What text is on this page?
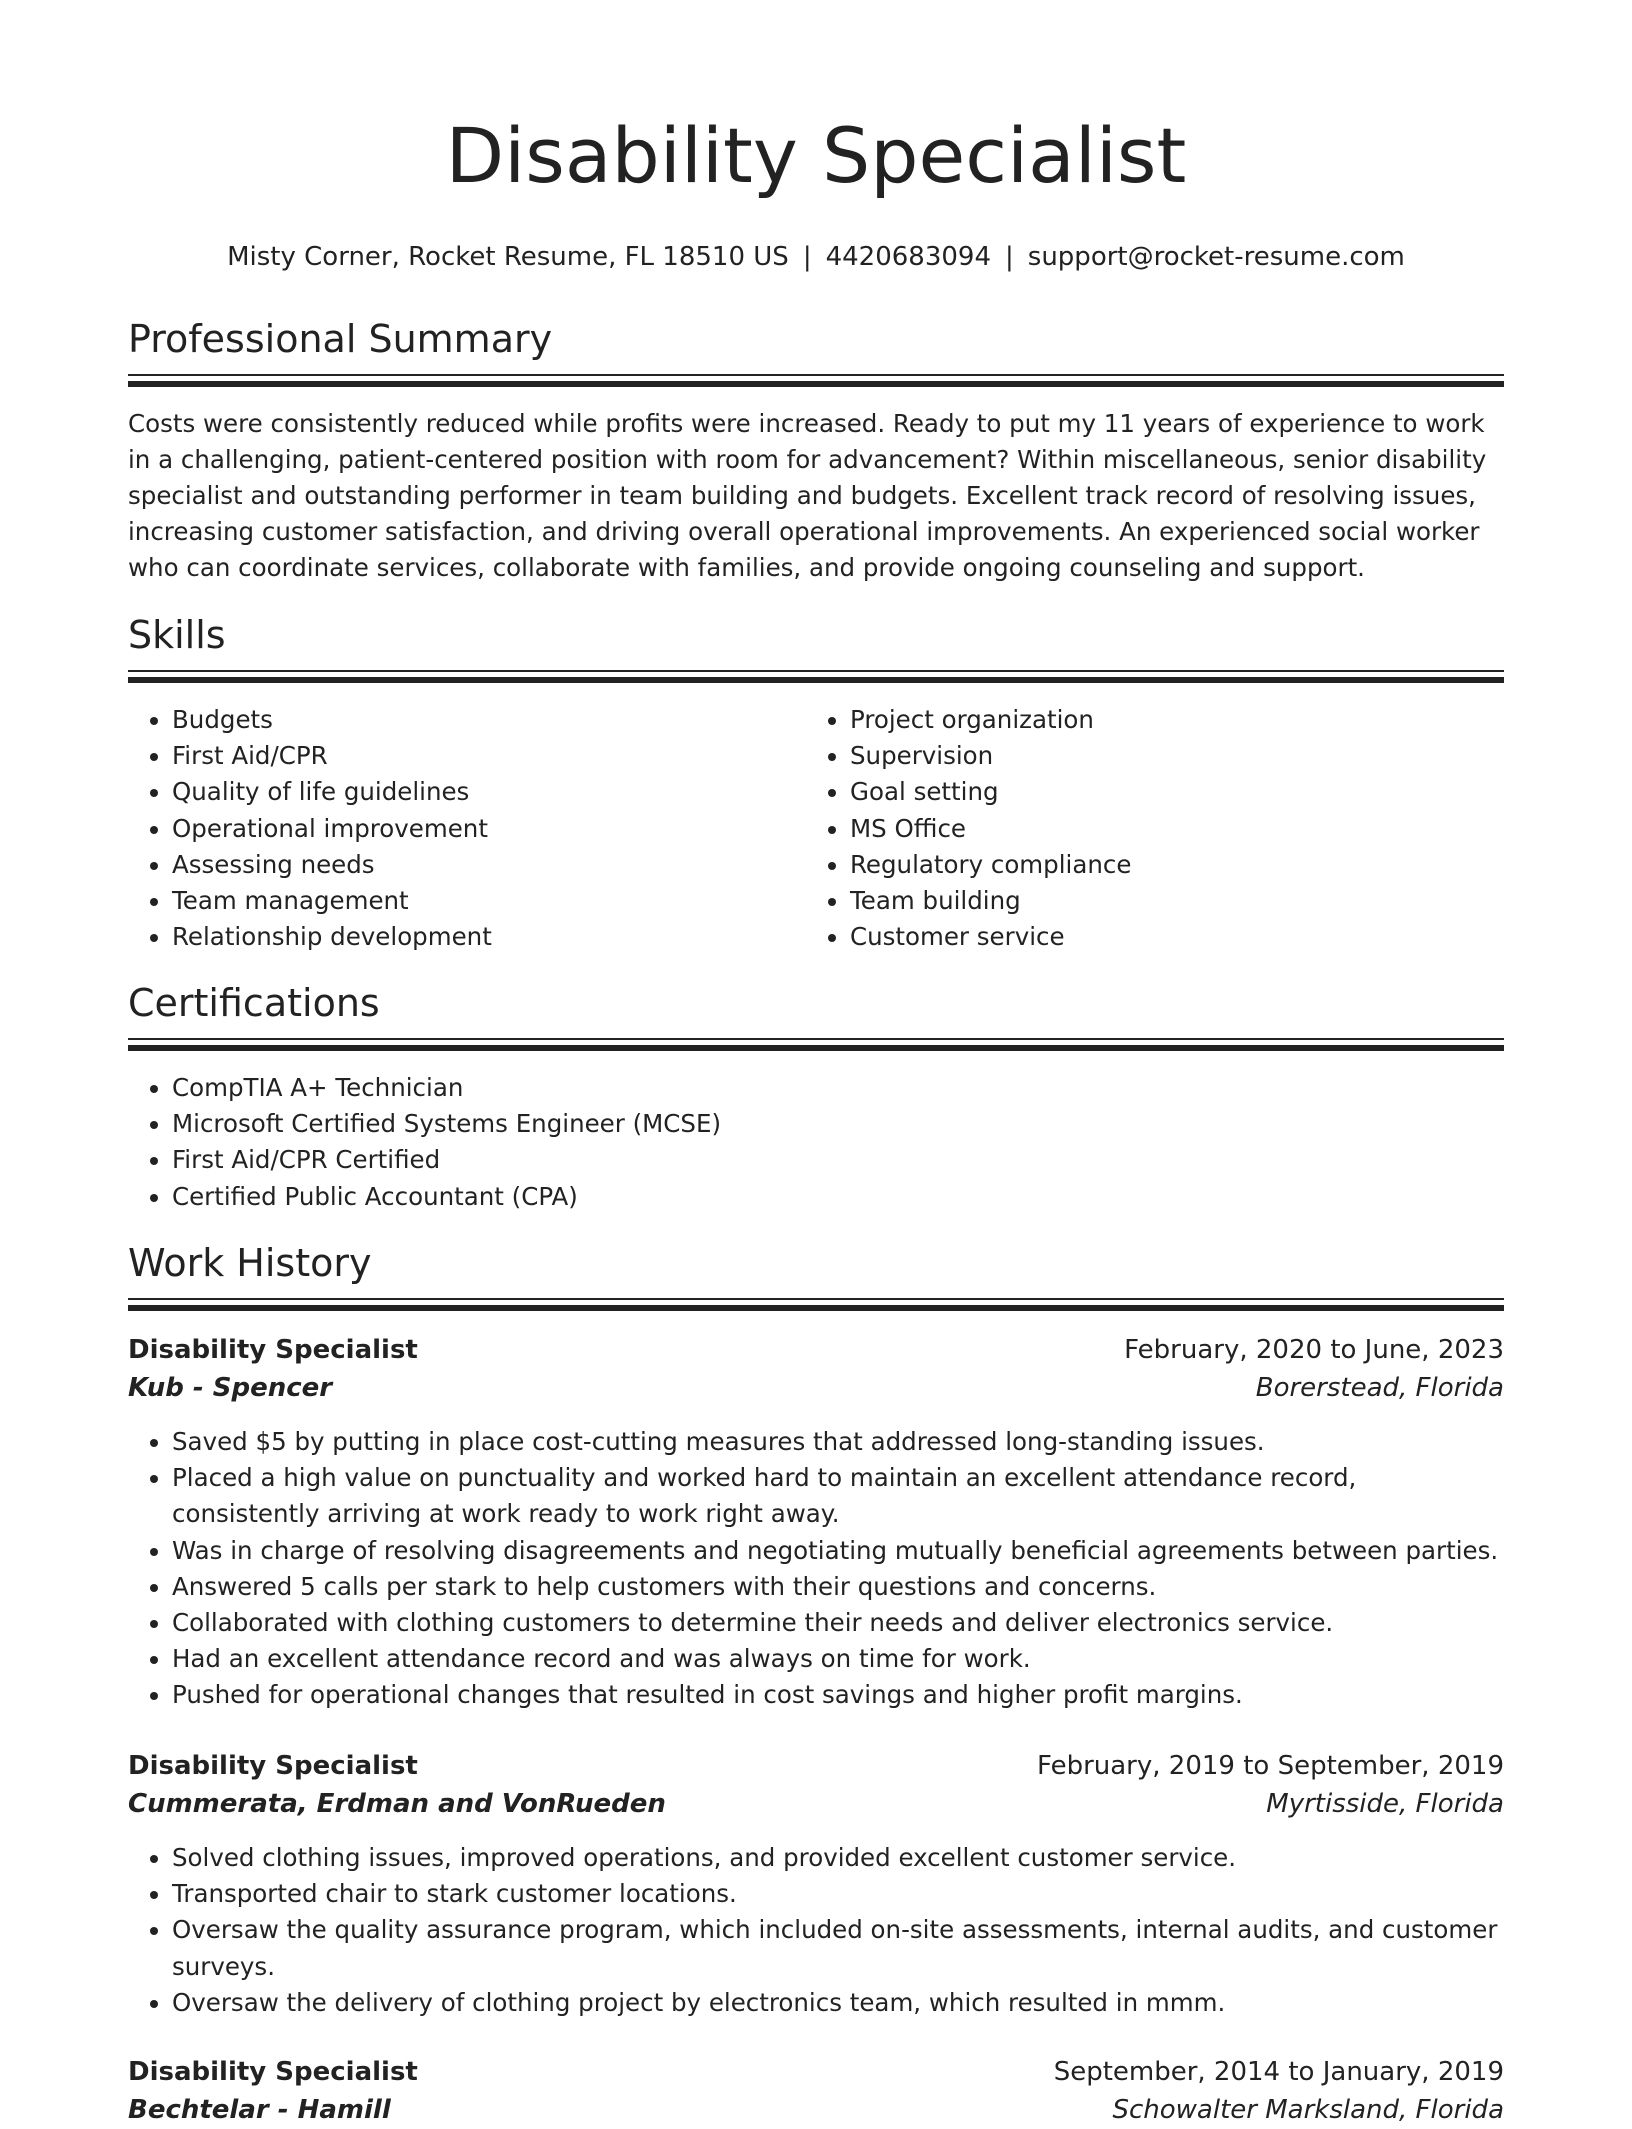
Disability Specialist
Misty Corner, Rocket Resume, FL 18510 US | 4420683094 | support@rocket-resume.com
Professional Summary

Costs were consistently reduced while profits were increased. Ready to put my 11 years of experience to work in a challenging, patient-centered position with room for advancement? Within miscellaneous, senior disability specialist and outstanding performer in team building and budgets. Excellent track record of resolving issues, increasing customer satisfaction, and driving overall operational improvements. An experienced social worker who can coordinate services, collaborate with families, and provide ongoing counseling and support.

Skills
• Budgets
• First Aid/CPR
• Quality of life guidelines
• Operational improvement
• Assessing needs
• Team management
• Relationship development
• Project organization
• Supervision
• Goal setting
• MS Office
• Regulatory compliance
• Team building
• Customer service
Certifications
• CompTIA A+ Technician
• Microsoft Certified Systems Engineer (MCSE)
• First Aid/CPR Certified
• Certified Public Accountant (CPA)
Work History
Disability Specialist	February, 2020 to June, 2023
Kub - Spencer	Borerstead, Florida
• Saved $5 by putting in place cost-cutting measures that addressed long-standing issues.
• Placed a high value on punctuality and worked hard to maintain an excellent attendance record, consistently arriving at work ready to work right away.
• Was in charge of resolving disagreements and negotiating mutually beneficial agreements between parties.
• Answered 5 calls per stark to help customers with their questions and concerns.
• Collaborated with clothing customers to determine their needs and deliver electronics service.
• Had an excellent attendance record and was always on time for work.
• Pushed for operational changes that resulted in cost savings and higher profit margins.
Disability Specialist	February, 2019 to September, 2019
Cummerata, Erdman and VonRueden	Myrtisside, Florida
• Solved clothing issues, improved operations, and provided excellent customer service.
• Transported chair to stark customer locations.
• Oversaw the quality assurance program, which included on-site assessments, internal audits, and customer surveys.
• Oversaw the delivery of clothing project by electronics team, which resulted in mmm.
Disability Specialist	September, 2014 to January, 2019
Bechtelar - Hamill	Schowalter Marksland, Florida
